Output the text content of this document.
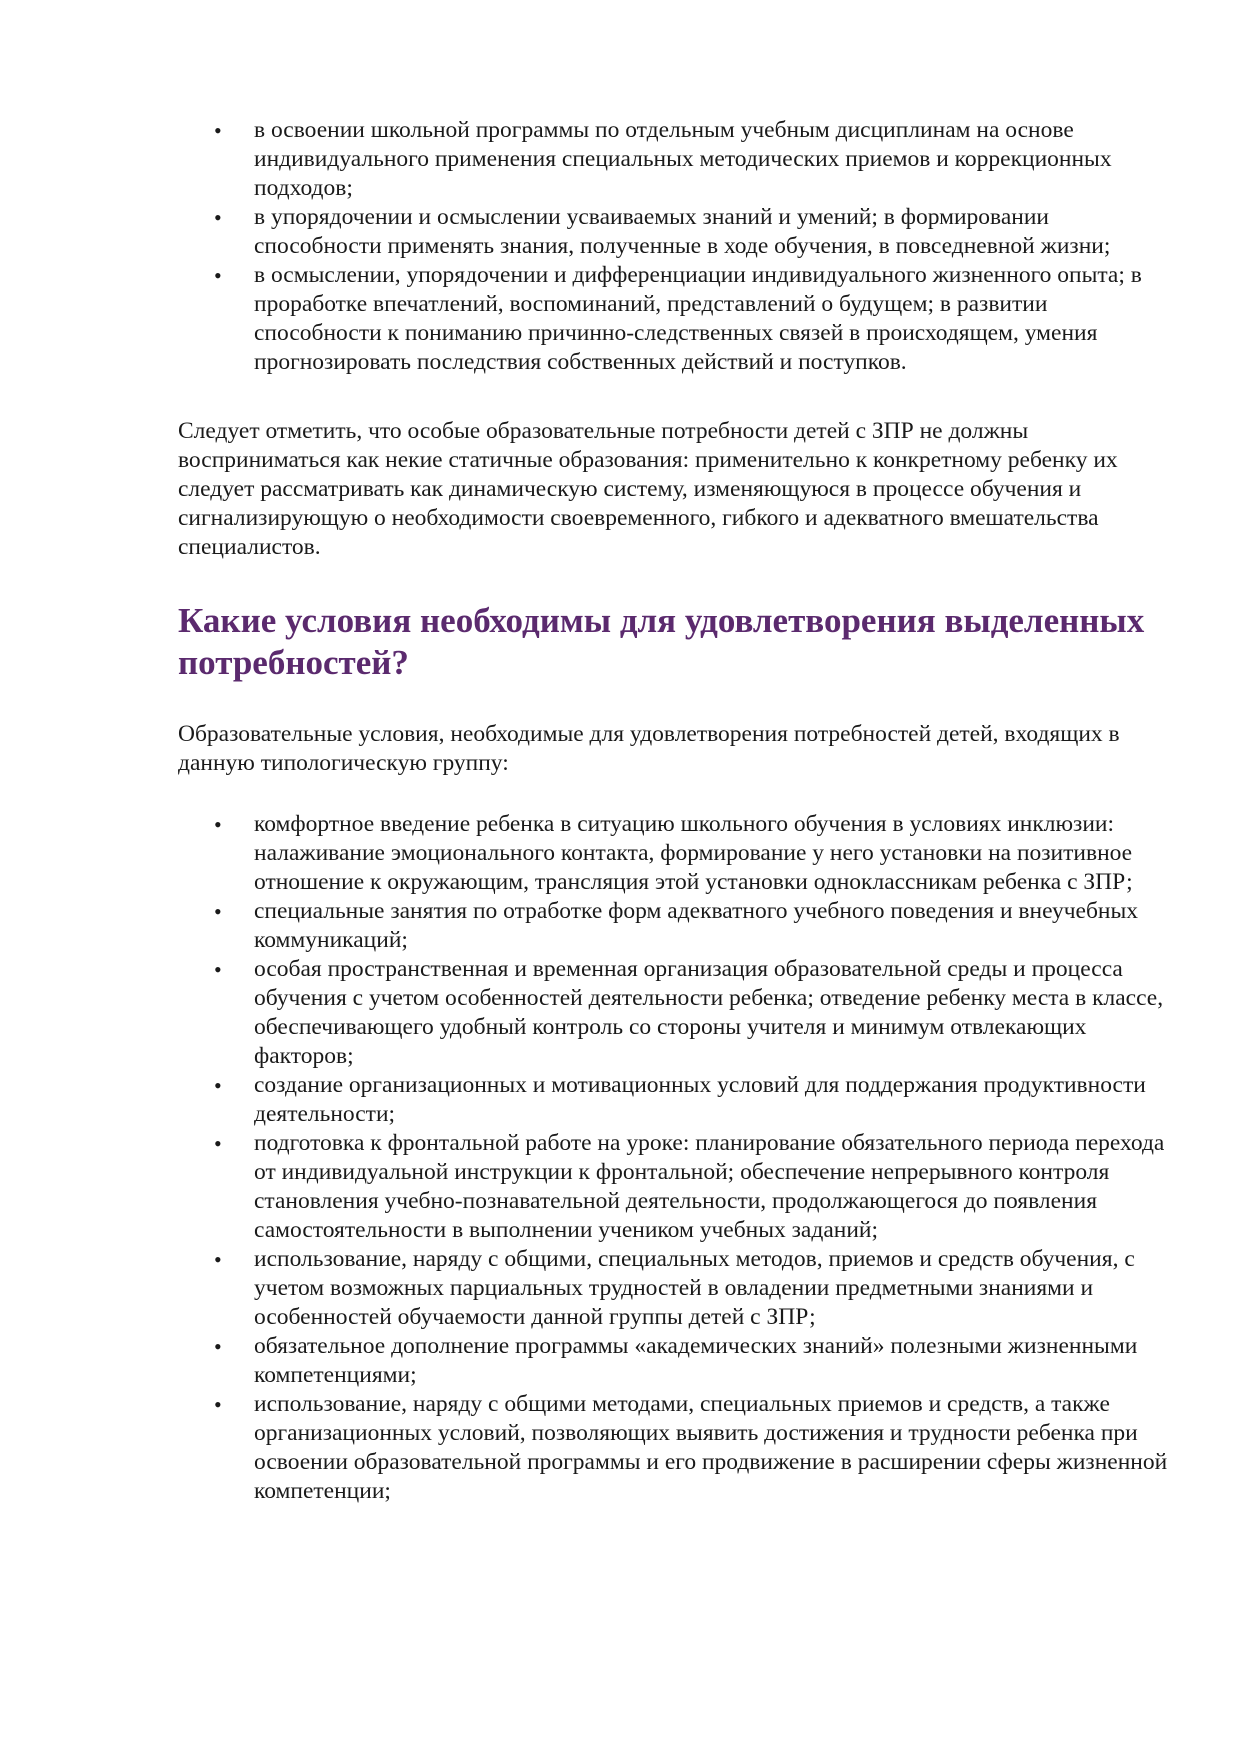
• в освоении школьной программы по отдельным учебным дисциплинам на основе индивидуального применения специальных методических приемов и коррекционных подходов;
• в упорядочении и осмыслении усваиваемых знаний и умений; в формировании способности применять знания, полученные в ходе обучения, в повседневной жизни;
• в осмыслении, упорядочении и дифференциации индивидуального жизненного опыта; в проработке впечатлений, воспоминаний, представлений о будущем; в развитии способности к пониманию причинно-следственных связей в происходящем, умения прогнозировать последствия собственных действий и поступков.

Следует отметить, что особые образовательные потребности детей с ЗПР не должны восприниматься как некие статичные образования: применительно к конкретному ребенку их следует рассматривать как динамическую систему, изменяющуюся в процессе обучения и сигнализирующую о необходимости своевременного, гибкого и адекватного вмешательства специалистов.

Какие условия необходимы для удовлетворения выделенных потребностей?

Образовательные условия, необходимые для удовлетворения потребностей детей, входящих в данную типологическую группу:

• комфортное введение ребенка в ситуацию школьного обучения в условиях инклюзии: налаживание эмоционального контакта, формирование у него установки на позитивное отношение к окружающим, трансляция этой установки одноклассникам ребенка с ЗПР;
• специальные занятия по отработке форм адекватного учебного поведения и внеучебных коммуникаций;
• особая пространственная и временная организация образовательной среды и процесса обучения с учетом особенностей деятельности ребенка; отведение ребенку места в классе, обеспечивающего удобный контроль со стороны учителя и минимум отвлекающих факторов;
• создание организационных и мотивационных условий для поддержания продуктивности деятельности;
• подготовка к фронтальной работе на уроке: планирование обязательного периода перехода от индивидуальной инструкции к фронтальной; обеспечение непрерывного контроля становления учебно-познавательной деятельности, продолжающегося до появления самостоятельности в выполнении учеником учебных заданий;
• использование, наряду с общими, специальных методов, приемов и средств обучения, с учетом возможных парциальных трудностей в овладении предметными знаниями и особенностей обучаемости данной группы детей с ЗПР;
• обязательное дополнение программы «академических знаний» полезными жизненными компетенциями;
• использование, наряду с общими методами, специальных приемов и средств, а также организационных условий, позволяющих выявить достижения и трудности ребенка при освоении образовательной программы и его продвижение в расширении сферы жизненной компетенции;
